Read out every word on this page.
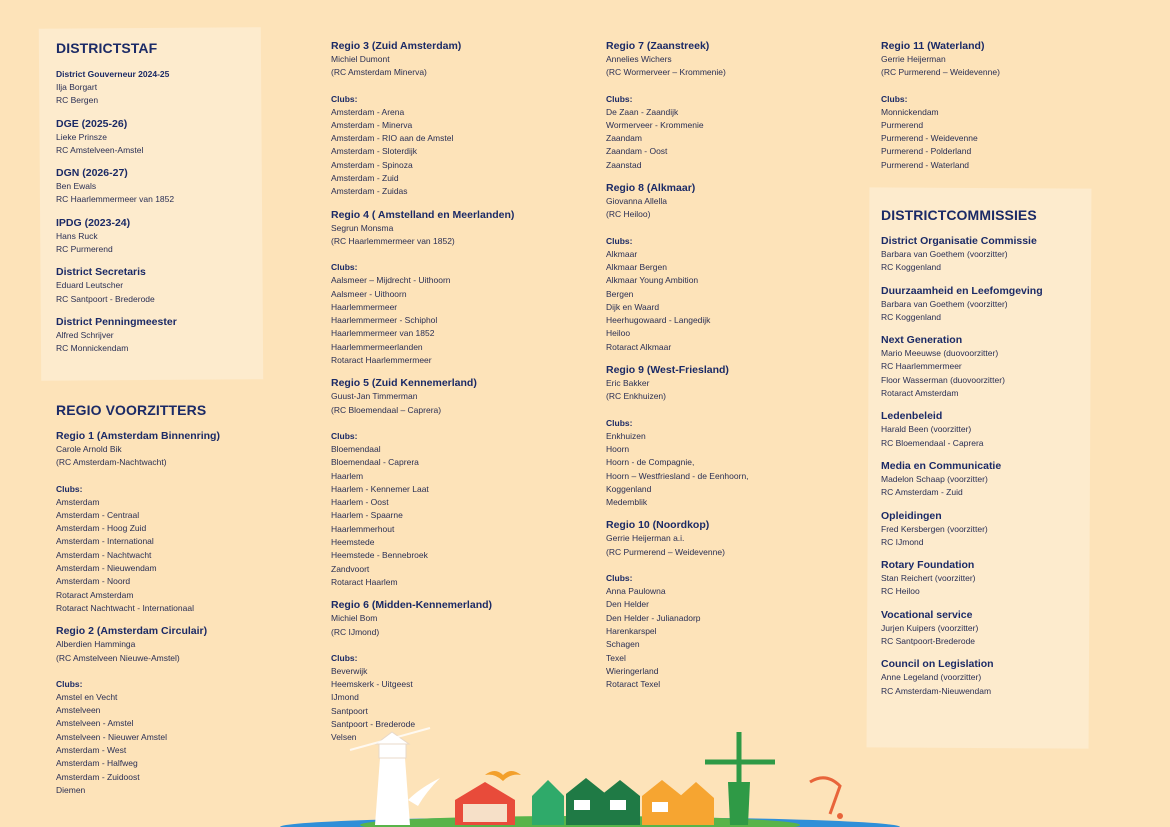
DISTRICTSTAF
District Gouverneur 2024-25
Ilja Borgart
RC Bergen
DGE (2025-26)
Lieke Prinsze
RC Amstelveen-Amstel
DGN (2026-27)
Ben Ewals
RC Haarlemmermeer van 1852
IPDG (2023-24)
Hans Ruck
RC Purmerend
District Secretaris
Eduard Leutscher
RC Santpoort - Brederode
District Penningmeester
Alfred Schrijver
RC Monnickendam
REGIO VOORZITTERS
Regio 1 (Amsterdam Binnenring)
Carole Arnold Bik
(RC Amsterdam-Nachtwacht)
Clubs:
Amsterdam
Amsterdam - Centraal
Amsterdam - Hoog Zuid
Amsterdam - International
Amsterdam - Nachtwacht
Amsterdam - Nieuwendam
Amsterdam - Noord
Rotaract Amsterdam
Rotaract Nachtwacht - Internationaal
Regio 2 (Amsterdam Circulair)
Alberdien Hamminga
(RC Amstelveen Nieuwe-Amstel)
Clubs:
Amstel en Vecht
Amstelveen
Amstelveen - Amstel
Amstelveen - Nieuwer Amstel
Amsterdam - West
Amsterdam - Halfweg
Amsterdam - Zuidoost
Diemen
Regio 3 (Zuid Amsterdam)
Michiel Dumont
(RC Amsterdam Minerva)
Clubs:
Amsterdam - Arena
Amsterdam - Minerva
Amsterdam - RIO aan de Amstel
Amsterdam - Sloterdijk
Amsterdam - Spinoza
Amsterdam - Zuid
Amsterdam - Zuidas
Regio 4 ( Amstelland en Meerlanden)
Segrun Monsma
(RC Haarlemmermeer van 1852)
Clubs:
Aalsmeer – Mijdrecht - Uithoorn
Aalsmeer - Uithoorn
Haarlemmermeer
Haarlemmermeer - Schiphol
Haarlemmermeer van 1852
Haarlemmermeerlanden
Rotaract Haarlemmermeer
Regio 5 (Zuid Kennemerland)
Guust-Jan Timmerman
(RC Bloemendaal – Caprera)
Clubs:
Bloemendaal
Bloemendaal - Caprera
Haarlem
Haarlem - Kennemer Laat
Haarlem - Oost
Haarlem - Spaarne
Haarlemmerhout
Heemstede
Heemstede - Bennebroek
Zandvoort
Rotaract Haarlem
Regio 6 (Midden-Kennemerland)
Michiel Bom
(RC IJmond)
Clubs:
Beverwijk
Heemskerk - Uitgeest
IJmond
Santpoort
Santpoort - Brederode
Velsen
Regio 7 (Zaanstreek)
Annelies Wichers
(RC Wormerveer – Krommenie)
Clubs:
De Zaan - Zaandijk
Wormerveer - Krommenie
Zaandam
Zaandam - Oost
Zaanstad
Regio 8 (Alkmaar)
Giovanna Allella
(RC Heiloo)
Clubs:
Alkmaar
Alkmaar Bergen
Alkmaar Young Ambition
Bergen
Dijk en Waard
Heerhugowaard - Langedijk
Heiloo
Rotaract Alkmaar
Regio 9 (West-Friesland)
Eric Bakker
(RC Enkhuizen)
Clubs:
Enkhuizen
Hoorn
Hoorn - de Compagnie,
Hoorn – Westfriesland - de Eenhoorn,
Koggenland
Medemblik
Regio 10 (Noordkop)
Gerrie Heijerman a.i.
(RC Purmerend – Weidevenne)
Clubs:
Anna Paulowna
Den Helder
Den Helder - Julianadorp
Harenkarspel
Schagen
Texel
Wieringerland
Rotaract Texel
Regio 11 (Waterland)
Gerrie Heijerman
(RC Purmerend – Weidevenne)
Clubs:
Monnickendam
Purmerend
Purmerend - Weidevenne
Purmerend - Polderland
Purmerend - Waterland
DISTRICTCOMMISSIES
District Organisatie Commissie
Barbara van Goethem (voorzitter)
RC Koggenland
Duurzaamheid en Leefomgeving
Barbara van Goethem (voorzitter)
RC Koggenland
Next Generation
Mario Meeuwse (duovoorzitter)
RC Haarlemmermeer
Floor Wasserman (duovoorzitter)
Rotaract Amsterdam
Ledenbeleid
Harald Been (voorzitter)
RC Bloemendaal - Caprera
Media en Communicatie
Madelon Schaap (voorzitter)
RC Amsterdam - Zuid
Opleidingen
Fred Kersbergen (voorzitter)
RC IJmond
Rotary Foundation
Stan Reichert (voorzitter)
RC Heiloo
Vocational service
Jurjen Kuipers (voorzitter)
RC Santpoort-Brederode
Council on Legislation
Anne Legeland (voorzitter)
RC Amsterdam-Nieuwendam
